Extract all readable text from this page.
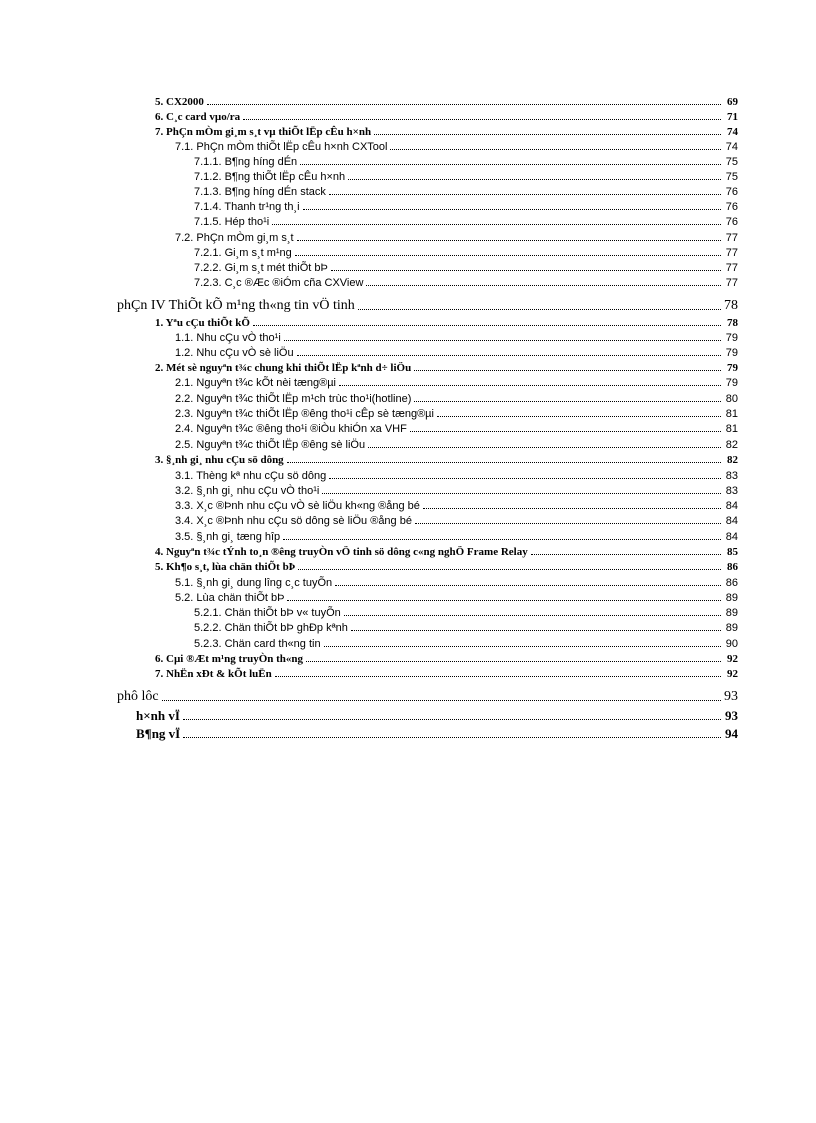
5. CX2000	69
6. C¸c card vµo/ra	71
7. PhÇn mÒm gi¸m s¸t vµ thiÕt lËp cÊu h×nh	74
7.1. PhÇn mÒm thiÕt lËp cÊu h×nh CXTool	74
7.1.1. B¶ng híng dÉn	75
7.1.2. B¶ng thiÕt lËp cÊu h×nh	75
7.1.3. B¶ng híng dÉn stack	76
7.1.4. Thanh tr¹ng th¸i	76
7.1.5. Hép tho¹i	76
7.2. PhÇn mÒm gi¸m s¸t	77
7.2.1. Gi¸m s¸t m¹ng	77
7.2.2. Gi¸m s¸t mét thiÕt bÞ	77
7.2.3. C¸c ®Æc ®iÓm cña CXView	77
phÇn IV ThiÕt kÕ m¹ng th«ng tin vÖ tinh	78
1. Yªu cÇu thiÕt kÕ	78
1.1. Nhu cÇu vÒ tho¹i	79
1.2. Nhu cÇu vÒ sè liÖu	79
2. Mét sè nguyªn t¾c chung khi thiÕt lËp kªnh d÷ liÖu	79
2.1. Nguyªn t¾c kÕt nèi tæng®µi	79
2.2. Nguyªn t¾c thiÕt lËp m¹ch trùc tho¹i(hotline)	80
2.3. Nguyªn t¾c thiÕt lËp ®êng tho¹i cÊp sè tæng®µi	81
2.4. Nguyªn t¾c ®êng tho¹i ®iÒu khiÓn xa VHF	81
2.5. Nguyªn t¾c thiÕt lËp ®êng sè liÖu	82
3. §¸nh gi¸ nhu cÇu sö dông	82
3.1. Thèng kª nhu cÇu sö dông	83
3.2. §¸nh gi¸ nhu cÇu vÒ tho¹i	83
3.3. X¸c ®Þnh nhu cÇu vÒ sè liÖu kh«ng ®ång bé	84
3.4. X¸c ®Þnh nhu cÇu sö dông sè liÖu ®ång bé	84
3.5. §¸nh gi¸ tæng hîp	84
4. Nguyªn t¾c tÝnh to¸n ®êng truyÒn vÖ tinh sö dông c«ng nghÖ Frame Relay	85
5. Kh¶o s¸t, lùa chän thiÕt bÞ	86
5.1. §¸nh gi¸ dung lîng c¸c tuyÕn	86
5.2. Lùa chän thiÕt bÞ	89
5.2.1. Chän thiÕt bÞ v« tuyÕn	89
5.2.2. Chän thiÕt bÞ ghÐp kªnh	89
5.2.3. Chän card th«ng tin	90
6. Cµi ®Æt m¹ng truyÒn th«ng	92
7. NhËn xÐt & kÕt luËn	92
phô lôc	93
h×nh vÏ	93
B¶ng vÏ	94
